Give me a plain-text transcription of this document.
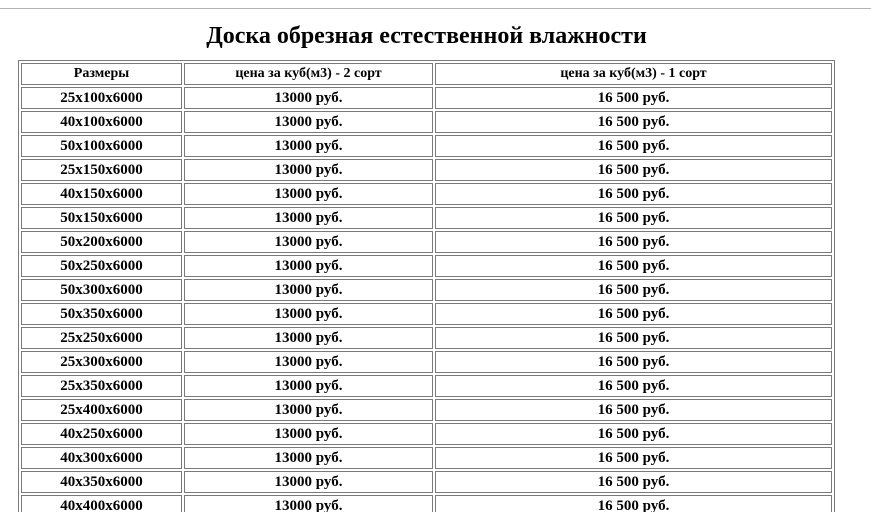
Доска обрезная естественной влажности
Размеры	цена за куб(м3) - 2 сорт	цена за куб(м3) - 1 сорт
25х100х6000	13000 руб.	16 500 руб.
40х100х6000	13000 руб.	16 500 руб.
50х100х6000	13000 руб.	16 500 руб.
25х150х6000	13000 руб.	16 500 руб.
40х150х6000	13000 руб.	16 500 руб.
50х150х6000	13000 руб.	16 500 руб.
50х200х6000	13000 руб.	16 500 руб.
50х250х6000	13000 руб.	16 500 руб.
50х300х6000	13000 руб.	16 500 руб.
50х350х6000	13000 руб.	16 500 руб.
25х250х6000	13000 руб.	16 500 руб.
25х300х6000	13000 руб.	16 500 руб.
25х350х6000	13000 руб.	16 500 руб.
25х400х6000	13000 руб.	16 500 руб.
40х250х6000	13000 руб.	16 500 руб.
40х300х6000	13000 руб.	16 500 руб.
40х350х6000	13000 руб.	16 500 руб.
40х400х6000	13000 руб.	16 500 руб.
